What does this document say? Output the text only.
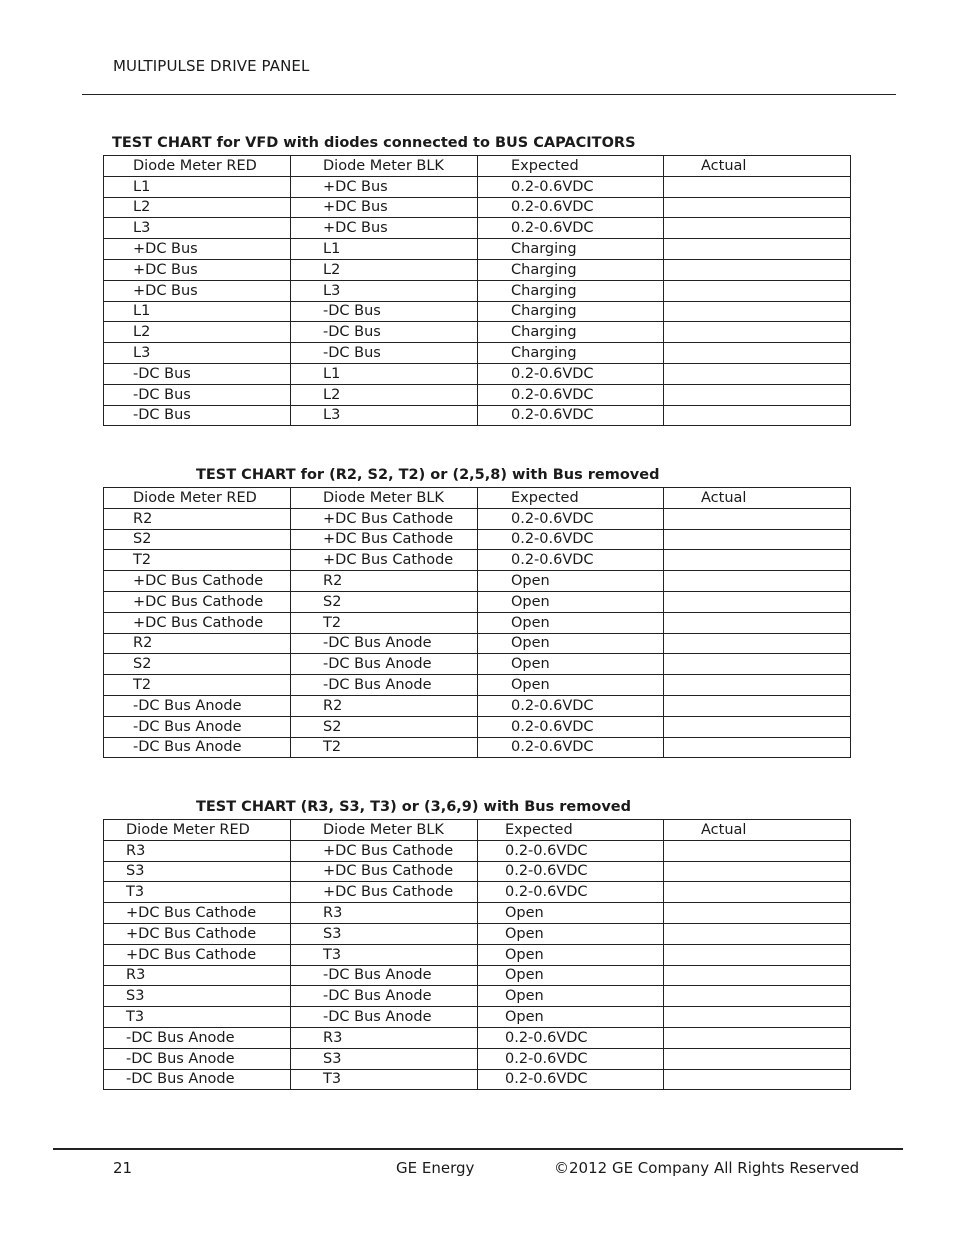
MULTIPULSE DRIVE PANEL
TEST CHART for VFD with diodes connected to BUS CAPACITORS
Diode Meter RED	Diode Meter BLK	Expected	Actual
L1	+DC Bus	0.2-0.6VDC	
L2	+DC Bus	0.2-0.6VDC	
L3	+DC Bus	0.2-0.6VDC	
+DC Bus	L1	Charging	
+DC Bus	L2	Charging	
+DC Bus	L3	Charging	
L1	-DC Bus	Charging	
L2	-DC Bus	Charging	
L3	-DC Bus	Charging	
-DC Bus	L1	0.2-0.6VDC	
-DC Bus	L2	0.2-0.6VDC	
-DC Bus	L3	0.2-0.6VDC	
TEST CHART for (R2, S2, T2) or (2,5,8) with Bus removed
Diode Meter RED	Diode Meter BLK	Expected	Actual
R2	+DC Bus Cathode	0.2-0.6VDC	
S2	+DC Bus Cathode	0.2-0.6VDC	
T2	+DC Bus Cathode	0.2-0.6VDC	
+DC Bus Cathode	R2	Open	
+DC Bus Cathode	S2	Open	
+DC Bus Cathode	T2	Open	
R2	-DC Bus Anode	Open	
S2	-DC Bus Anode	Open	
T2	-DC Bus Anode	Open	
-DC Bus Anode	R2	0.2-0.6VDC	
-DC Bus Anode	S2	0.2-0.6VDC	
-DC Bus Anode	T2	0.2-0.6VDC	
TEST CHART (R3, S3, T3) or (3,6,9) with Bus removed
Diode Meter RED	Diode Meter BLK	Expected	Actual
R3	+DC Bus Cathode	0.2-0.6VDC	
S3	+DC Bus Cathode	0.2-0.6VDC	
T3	+DC Bus Cathode	0.2-0.6VDC	
+DC Bus Cathode	R3	Open	
+DC Bus Cathode	S3	Open	
+DC Bus Cathode	T3	Open	
R3	-DC Bus Anode	Open	
S3	-DC Bus Anode	Open	
T3	-DC Bus Anode	Open	
-DC Bus Anode	R3	0.2-0.6VDC	
-DC Bus Anode	S3	0.2-0.6VDC	
-DC Bus Anode	T3	0.2-0.6VDC	
21	GE Energy	©2012 GE Company All Rights Reserved
